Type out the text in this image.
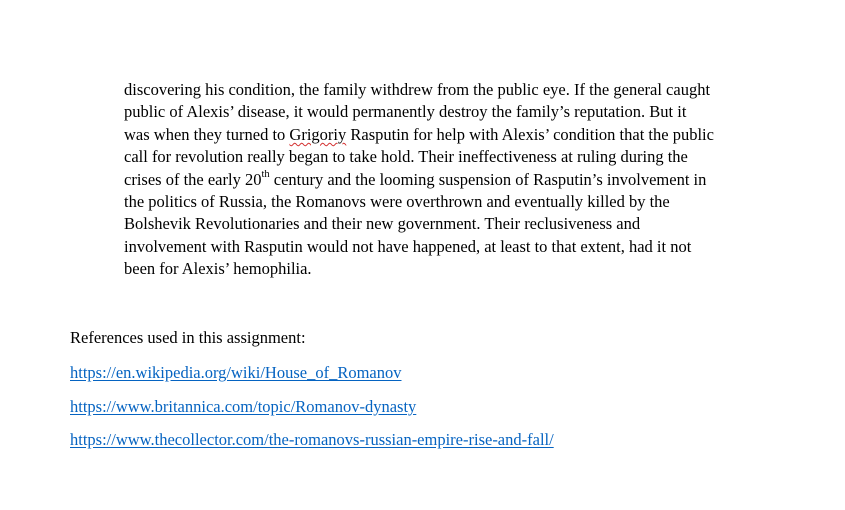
discovering his condition, the family withdrew from the public eye. If the general caught
public of Alexis’ disease, it would permanently destroy the family’s reputation. But it
was when they turned to Grigoriy Rasputin for help with Alexis’ condition that the public
call for revolution really began to take hold. Their ineffectiveness at ruling during the
crises of the early 20th century and the looming suspension of Rasputin’s involvement in
the politics of Russia, the Romanovs were overthrown and eventually killed by the
Bolshevik Revolutionaries and their new government. Their reclusiveness and
involvement with Rasputin would not have happened, at least to that extent, had it not
been for Alexis’ hemophilia.
References used in this assignment:
https://en.wikipedia.org/wiki/House_of_Romanov
https://www.britannica.com/topic/Romanov-dynasty
https://www.thecollector.com/the-romanovs-russian-empire-rise-and-fall/
